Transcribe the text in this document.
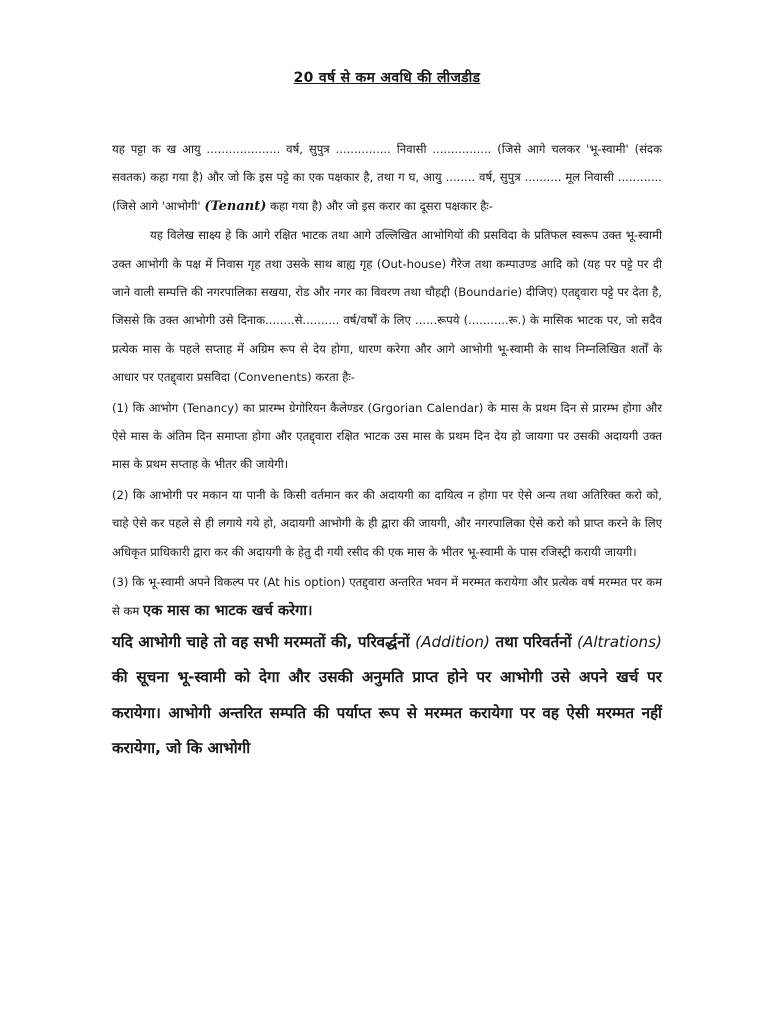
20 वर्ष से कम अवधि की लीजडीड

यह पट्टा क ख आयु .................... वर्ष, सुपुत्र ............... निवासी ................ (जिसे आगे चलकर 'भू-स्वामी' (संदक सवतक) कहा गया है) और जो कि इस पट्टे का एक पक्षकार है, तथा ग घ, आयु ........ वर्ष, सुपुत्र .......... मूल निवासी ............(जिसे आगे 'आभोगी' (Tenant) कहा गया है) और जो इस करार का दूसरा पक्षकार हैः-

यह विलेख साक्ष्य हे कि आगे रक्षित भाटक तथा आगे उल्लिखित आभोगियों की प्रसविदा के प्रतिफल स्वरूप उक्त भू-स्वामी उक्त आभोगी के पक्ष में निवास गृह तथा उसके साथ बाह्य गृह (Out-house) गैरेज तथा कम्पाउण्ड आदि को (यह पर पट्टे पर दी जाने वाली सम्पत्ति की नगरपालिका सखया, रोड और नगर का विवरण तथा चौहद्दी (Boundarie) दीजिए) एतद्द्वारा पट्टे पर देता है, जिससे कि उक्त आभोगी उसे दिनाक........से.......... वर्ष/वर्षों के लिए ......रूपये (...........रू.) के मासिक भाटक पर, जो सदैव प्रत्येक मास के पहले सप्ताह में अग्रिम रूप से देय होगा, धारण करेगा और आगे आभोगी भू-स्वामी के साथ निम्नलिखित शर्तों के आधार पर एतद्द्वारा प्रसविदा (Convenents) करता हैः-

(1) कि आभोग (Tenancy) का प्रारम्भ ग्रेगोरियन कैलेण्डर (Grgorian Calendar) के मास के प्रथम दिन से प्रारम्भ होगा और ऐसे मास के अंतिम दिन समाप्ता होगा और एतद्द्वारा रक्षित भाटक उस मास के प्रथम दिन देय हो जायगा पर उसकी अदायगी उक्त मास के प्रथम सप्ताह के भीतर की जायेगी।

(2) कि आभोगी पर मकान या पानी के किसी वर्तमान कर की अदायगी का दायित्व न होगा पर ऐसे अन्य तथा अतिरिक्त करो को, चाहे ऐसे कर पहले से ही लगाये गये हो, अदायगी आभोगी के ही द्वारा की जायगी, और नगरपालिका ऐसे करो को प्राप्त करने के लिए अधिकृत प्राधिकारी द्वारा कर की अदायगी के हेतु दी गयी रसीद की एक मास के भीतर भू-स्वामी के पास रजिस्ट्री करायी जायगी।

(3) कि भू-स्वामी अपने विकल्प पर (At his option) एतद्द्वारा अन्तरित भवन में मरम्मत करायेगा और प्रत्येक वर्ष मरम्मत पर कम से कम एक मास का भाटक खर्च करेगा।

यदि आभोगी चाहे तो वह सभी मरम्मतों की, परिवर्द्धनों (Addition) तथा परिवर्तनों (Altrations) की सूचना भू-स्वामी को देगा और उसकी अनुमति प्राप्त होने पर आभोगी उसे अपने खर्च पर करायेगा। आभोगी अन्तरित सम्पति की पर्याप्त रूप से मरम्मत करायेगा पर वह ऐसी मरम्मत नहीं करायेगा, जो कि आभोगी
